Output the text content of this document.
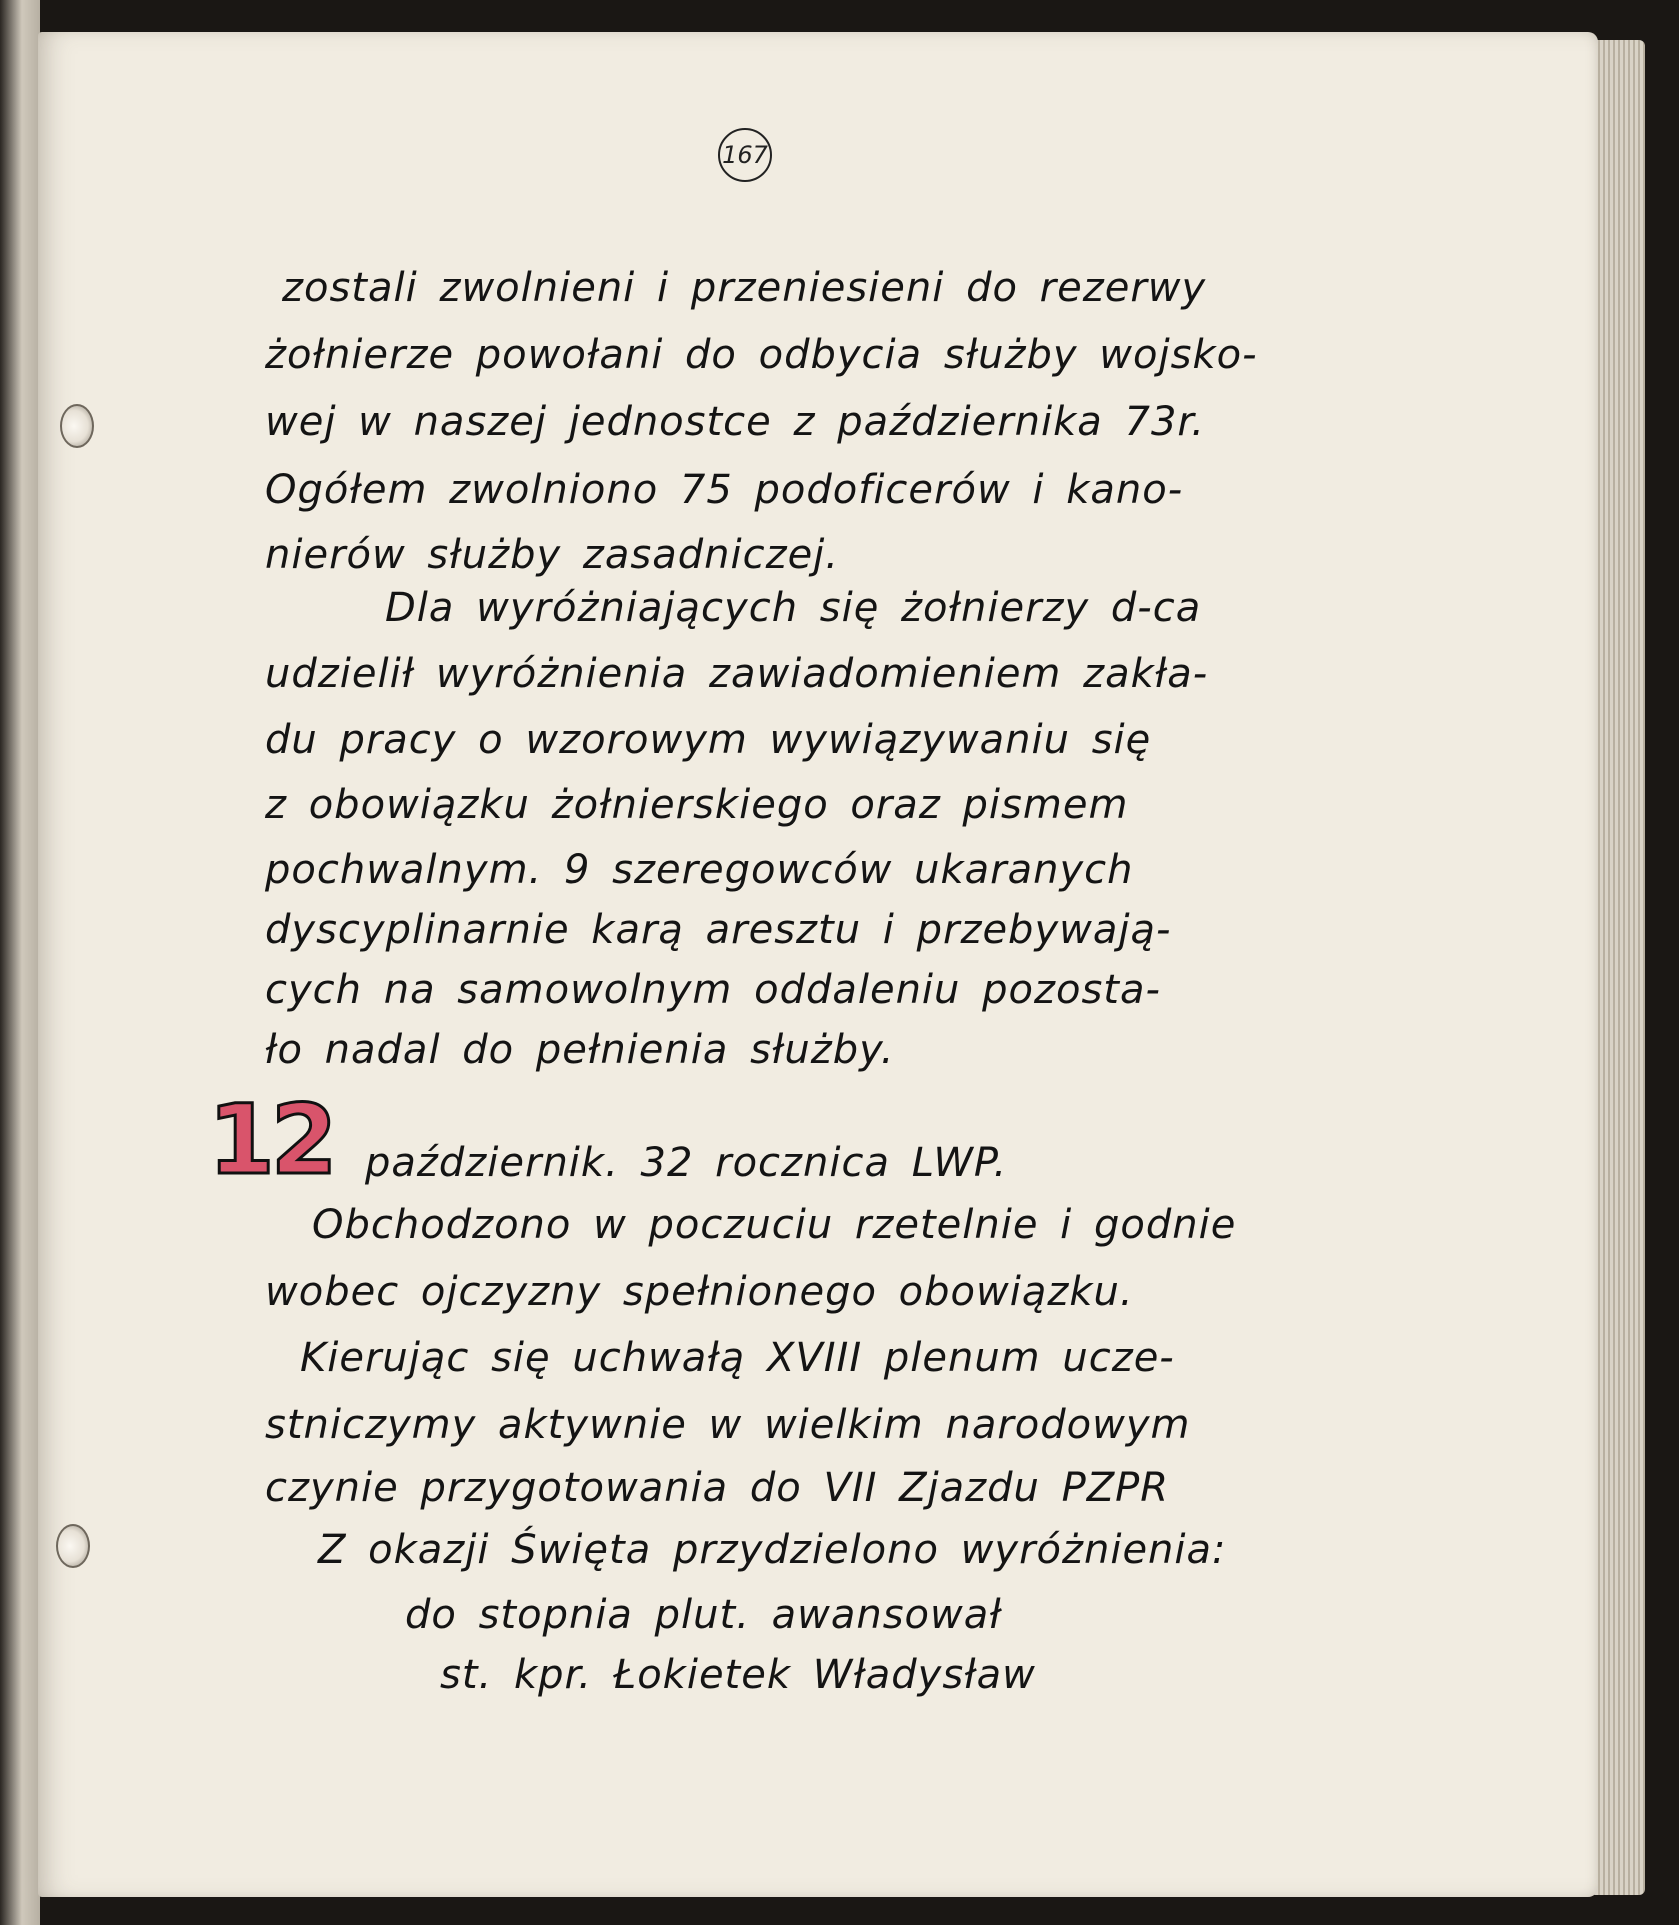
167
zostali zwolnieni i przeniesieni do rezerwy
żołnierze powołani do odbycia służby wojsko-
wej w naszej jednostce z października 73r.
Ogółem zwolniono 75 podoficerów i kano-
nierów służby zasadniczej.
Dla wyróżniających się żołnierzy d-ca
udzielił wyróżnienia zawiadomieniem zakła-
du pracy o wzorowym wywiązywaniu się
z obowiązku żołnierskiego oraz pismem
pochwalnym. 9 szeregowców ukaranych
dyscyplinarnie karą aresztu i przebywają-
cych na samowolnym oddaleniu pozosta-
ło nadal do pełnienia służby.
12 październik. 32 rocznica LWP.
Obchodzono w poczuciu rzetelnie i godnie
wobec ojczyzny spełnionego obowiązku.
Kierując się uchwałą XVIII plenum ucze-
stniczymy aktywnie w wielkim narodowym
czynie przygotowania do VII Zjazdu PZPR
Z okazji Święta przydzielono wyróżnienia:
do stopnia plut. awansował
st. kpr. Łokietek Władysław
